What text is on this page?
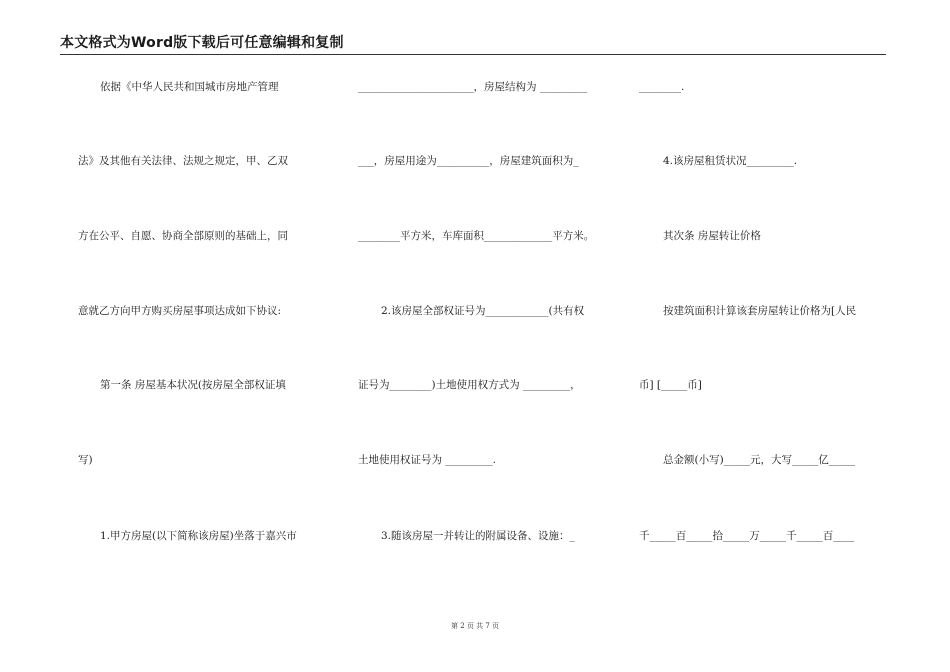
本文格式为Word版下载后可任意编辑和复制
依据《中华人民共和国城市房地产管理
法》及其他有关法律、法规之规定，甲、乙双
方在公平、自愿、协商全部原则的基础上，同
意就乙方向甲方购买房屋事项达成如下协议:
第一条 房屋基本状况(按房屋全部权证填
写)
1.甲方房屋(以下简称该房屋)坐落于嘉兴市
______________________，房屋结构为 _________
___，房屋用途为__________，房屋建筑面积为_
________平方米，车库面积_____________平方米。
2.该房屋全部权证号为____________(共有权
证号为________)土地使用权方式为 _________，
土地使用权证号为 _________.
3.随该房屋一并转让的附属设备、设施：_
________.
4.该房屋租赁状况_________.
其次条 房屋转让价格
按建筑面积计算该套房屋转让价格为[人民
币] [_____币]
总金额(小写)_____元，大写_____亿_____
千_____百_____拾_____万_____千_____百____
第 2 页 共 7 页
